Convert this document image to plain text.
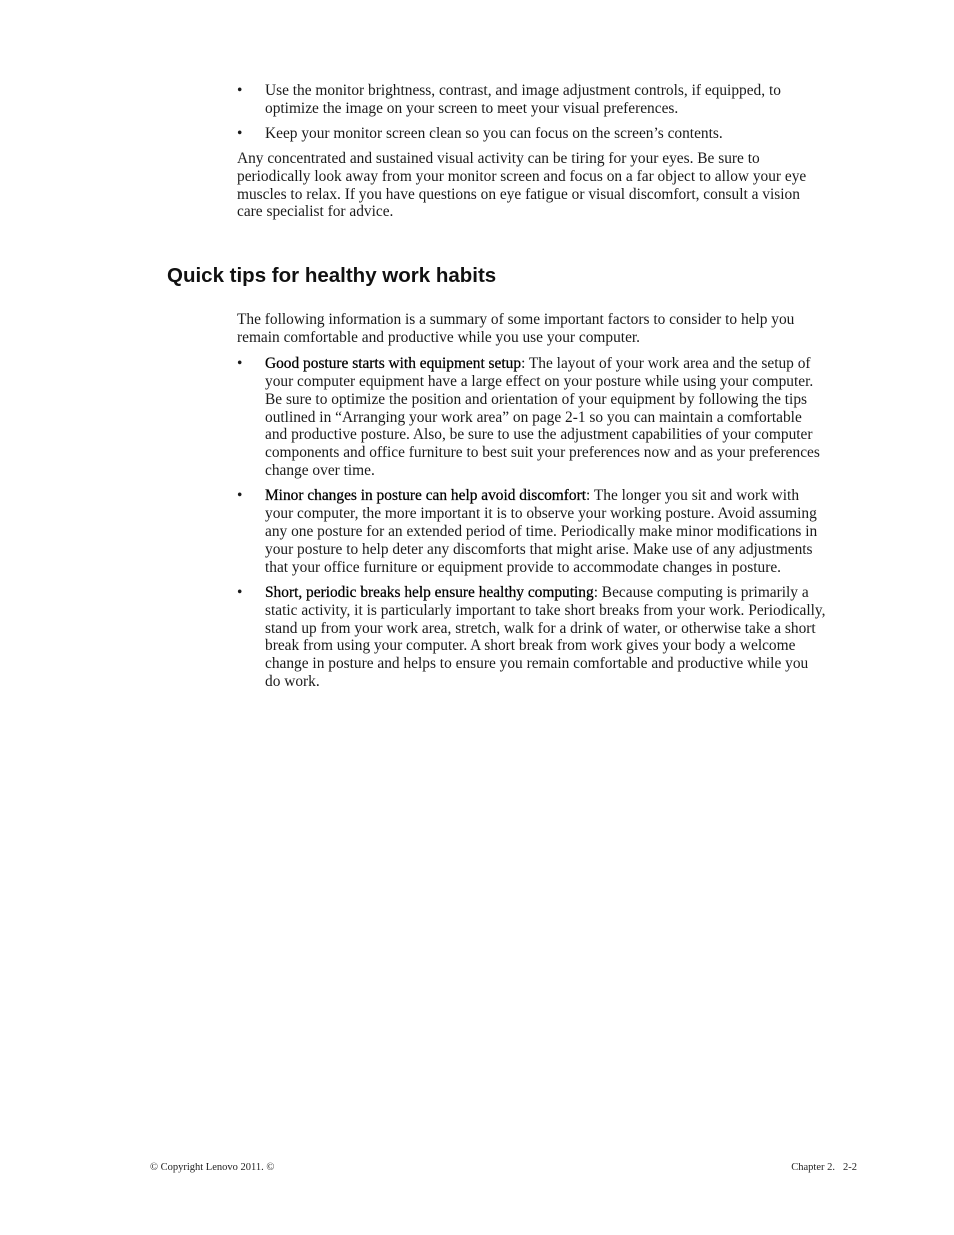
•	Use the monitor brightness, contrast, and image adjustment controls, if equipped, to optimize the image on your screen to meet your visual preferences.
•	Keep your monitor screen clean so you can focus on the screen’s contents.

Any concentrated and sustained visual activity can be tiring for your eyes. Be sure to periodically look away from your monitor screen and focus on a far object to allow your eye muscles to relax. If you have questions on eye fatigue or visual discomfort, consult a vision care specialist for advice.

Quick tips for healthy work habits

The following information is a summary of some important factors to consider to help you remain comfortable and productive while you use your computer.

•	Good posture starts with equipment setup: The layout of your work area and the setup of your computer equipment have a large effect on your posture while using your computer. Be sure to optimize the position and orientation of your equipment by following the tips outlined in “Arranging your work area” on page 2-1 so you can maintain a comfortable and productive posture. Also, be sure to use the adjustment capabilities of your computer components and office furniture to best suit your preferences now and as your preferences change over time.
•	Minor changes in posture can help avoid discomfort: The longer you sit and work with your computer, the more important it is to observe your working posture. Avoid assuming any one posture for an extended period of time. Periodically make minor modifications in your posture to help deter any discomforts that might arise. Make use of any adjustments that your office furniture or equipment provide to accommodate changes in posture.
•	Short, periodic breaks help ensure healthy computing: Because computing is primarily a static activity, it is particularly important to take short breaks from your work. Periodically, stand up from your work area, stretch, walk for a drink of water, or otherwise take a short break from using your computer. A short break from work gives your body a welcome change in posture and helps to ensure you remain comfortable and productive while you do work.
© Copyright Lenovo 2011. ©	Chapter 2. 2-2
